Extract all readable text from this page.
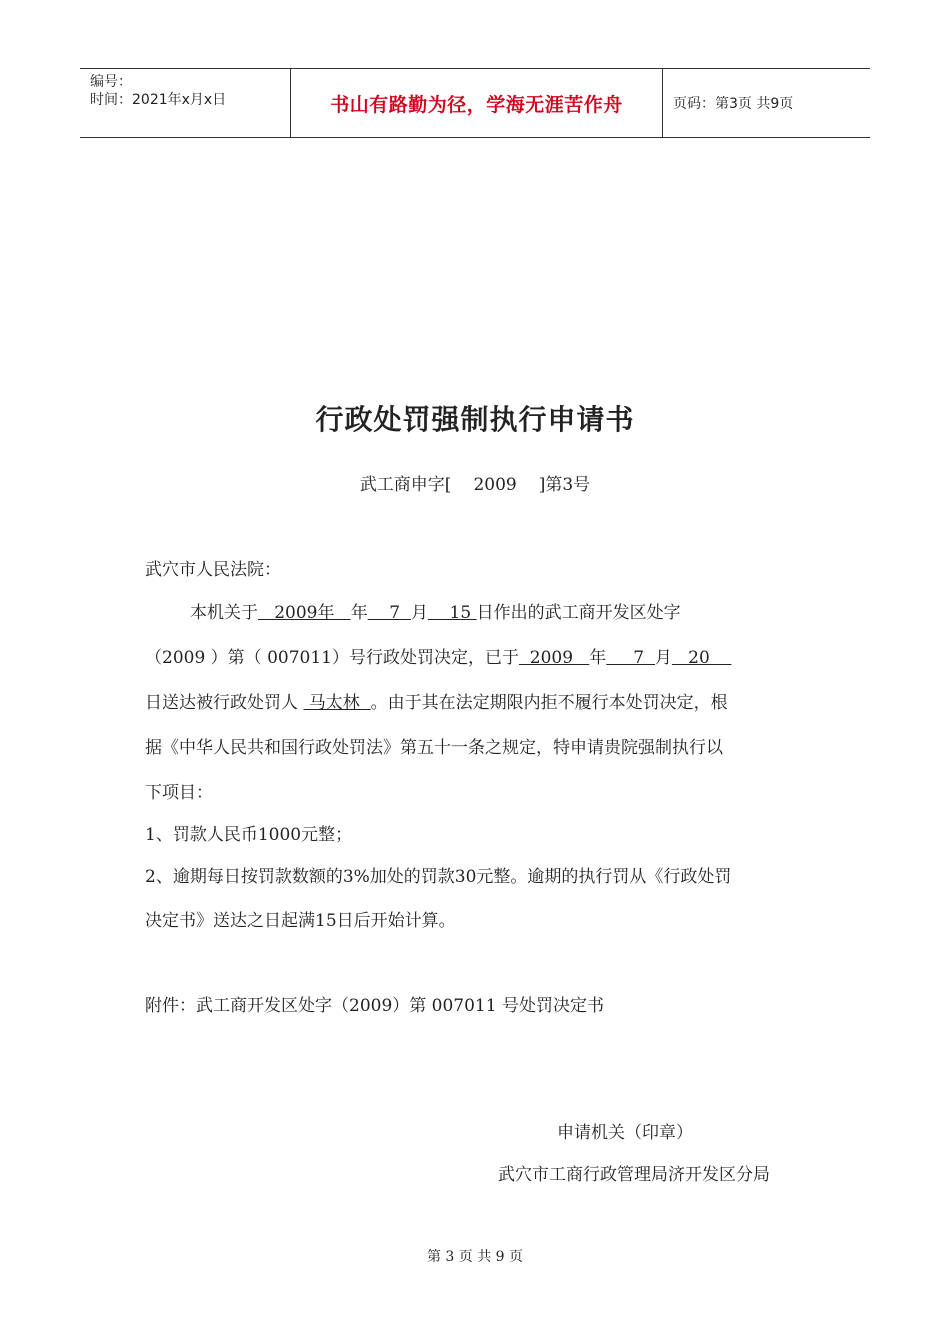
编号：
时间：2021年x月x日	书山有路勤为径，学海无涯苦作舟	页码：第3页 共9页
行政处罚强制执行申请书
武工商申字[ 2009 ]第3号
武穴市人民法院：
本机关于   2009年   年    7  月    15 日作出的武工商开发区处字
（2009 ）第（ 007011）号行政处罚决定，已于  2009   年     7  月   20
日送达被行政处罚人  马太林  。由于其在法定期限内拒不履行本处罚决定，根
据《中华人民共和国行政处罚法》第五十一条之规定，特申请贵院强制执行以
下项目：
1、罚款人民币1000元整；
2、逾期每日按罚款数额的3%加处的罚款30元整。逾期的执行罚从《行政处罚
决定书》送达之日起满15日后开始计算。
附件：武工商开发区处字（2009）第 007011 号处罚决定书
申请机关（印章）
武穴市工商行政管理局济开发区分局
第 3 页 共 9 页
